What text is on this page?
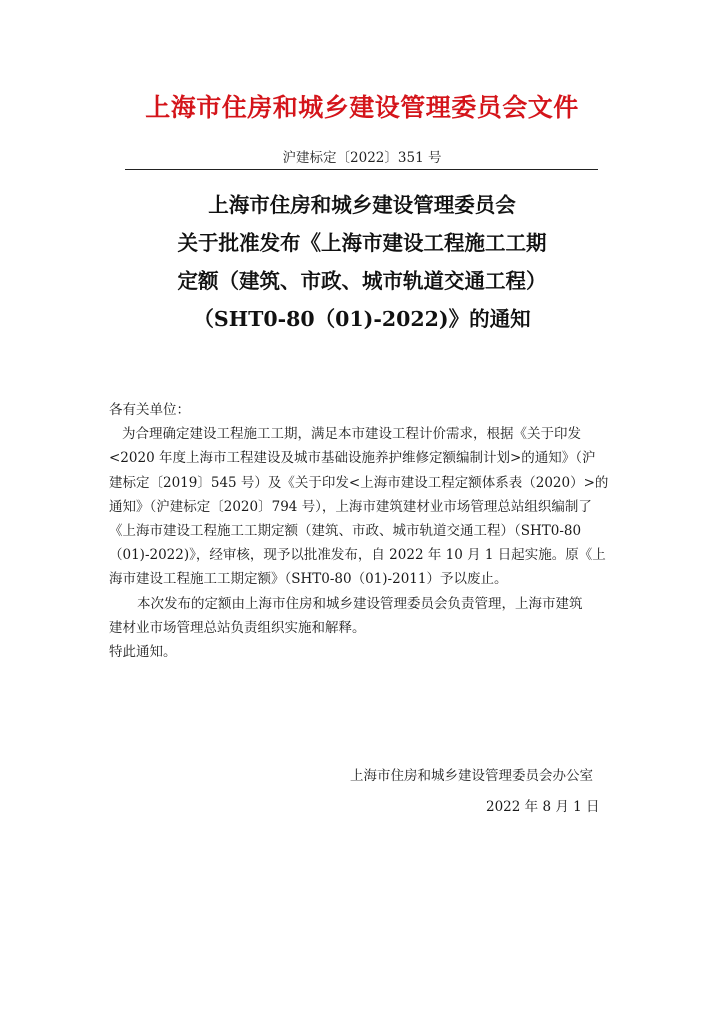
上海市住房和城乡建设管理委员会文件
沪建标定〔2022〕351 号
上海市住房和城乡建设管理委员会
关于批准发布《上海市建设工程施工工期
定额（建筑、市政、城市轨道交通工程）
（SHT0-80（01)-2022)》的通知

各有关单位：

为合理确定建设工程施工工期，满足本市建设工程计价需求，根据《关于印发

<2020 年度上海市工程建设及城市基础设施养护维修定额编制计划>的通知》（沪

建标定〔2019〕545 号）及《关于印发<上海市建设工程定额体系表（2020）>的

通知》（沪建标定〔2020〕794 号），上海市建筑建材业市场管理总站组织编制了

《上海市建设工程施工工期定额（建筑、市政、城市轨道交通工程）（SHT0-80

（01)-2022)》，经审核，现予以批准发布，自 2022 年 10 月 1 日起实施。原《上

海市建设工程施工工期定额》（SHT0-80（01)-2011）予以废止。

本次发布的定额由上海市住房和城乡建设管理委员会负责管理，上海市建筑

建材业市场管理总站负责组织实施和解释。

特此通知。

上海市住房和城乡建设管理委员会办公室
2022 年 8 月 1 日
